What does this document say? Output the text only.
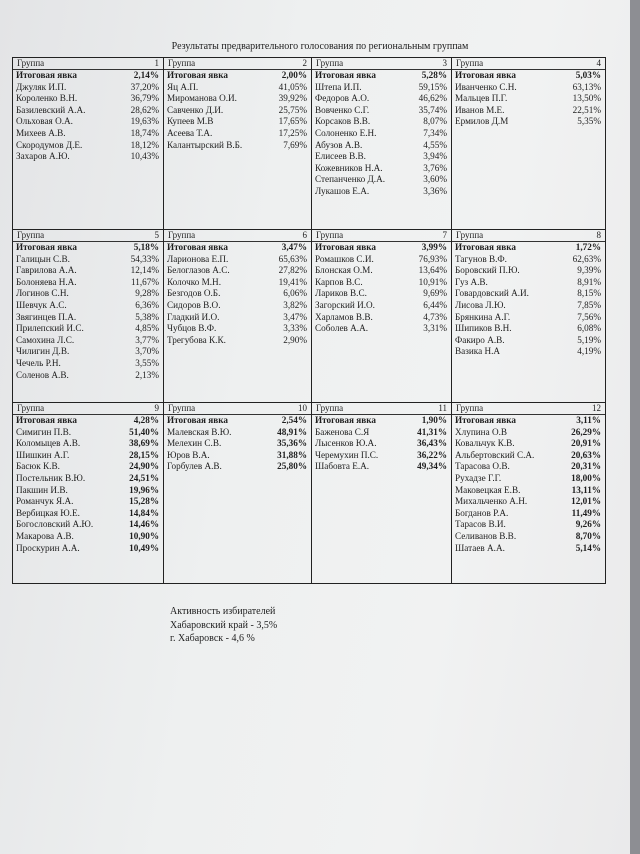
Результаты предварительного голосования по региональным группам
Группа	1
Итоговая явка	2,14%
Джуляк И.П.	37,20%
Короленко В.Н.	36,79%
Базилевский А.А.	28,62%
Ольховая О.А.	19,63%
Михеев А.В.	18,74%
Скородумов Д.Е.	18,12%
Захаров А.Ю.	10,43%
Группа	2
Итоговая явка	2,00%
Яц А.П.	41,05%
Миромaнова О.И.	39,92%
Савченко Д.И.	25,75%
Купеев М.В	17,65%
Асеева Т.А.	17,25%
Калантырский В.Б.	7,69%
Группа	3
Итоговая явка	5,28%
Штепа И.П.	59,15%
Федоров А.О.	46,62%
Вовченко С.Г.	35,74%
Корсаков В.В.	8,07%
Солоненко Е.Н.	7,34%
Абузов А.В.	4,55%
Елисеев В.В.	3,94%
Кожевников Н.А.	3,76%
Степанченко Д.А.	3,60%
Лукашов Е.А.	3,36%
Группа	4
Итоговая явка	5,03%
Иванченко С.Н.	63,13%
Мальцев П.Г.	13,50%
Иванов М.Е.	22,51%
Ермилов Д.М	5,35%
Группа	5
Итоговая явка	5,18%
Галицын С.В.	54,33%
Гаврилова А.А.	12,14%
Болоняева Н.А.	11,67%
Логинов С.Н.	9,28%
Шевчук А.С.	6,36%
Звягинцев П.А.	5,38%
Прилепский И.С.	4,85%
Самохина Л.С.	3,77%
Чилигин Д.В.	3,70%
Чечель Р.Н.	3,55%
Соленов А.В.	2,13%
Группа	6
Итоговая явка	3,47%
Ларионова Е.П.	65,63%
Белоглазов А.С.	27,82%
Колочко М.Н.	19,41%
Безгодов О.Б.	6,06%
Сидоров В.О.	3,82%
Гладкий И.О.	3,47%
Чубцов В.Ф.	3,33%
Трегубова К.К.	2,90%
Группа	7
Итоговая явка	3,99%
Ромашков С.И.	76,93%
Блонская О.М.	13,64%
Карпов В.С.	10,91%
Лариков В.С.	9,69%
Загорский И.О.	6,44%
Харламов В.В.	4,73%
Соболев А.А.	3,31%
Группа	8
Итоговая явка	1,72%
Тагунов В.Ф.	62,63%
Боровский П.Ю.	9,39%
Гуз А.В.	8,91%
Говардовский А.И.	8,15%
Лисова Л.Ю.	7,85%
Брянкина А.Г.	7,56%
Шипиков В.Н.	6,08%
Факиро А.В.	5,19%
Вазика Н.А	4,19%
Группа	9
Итоговая явка	4,28%
Симигин П.В.	51,40%
Коломыцев А.В.	38,69%
Шишкин А.Г.	28,15%
Басюк К.В.	24,90%
Постельник В.Ю.	24,51%
Пакшин И.В.	19,96%
Романчук Я.А.	15,28%
Вербицкая Ю.Е.	14,84%
Богословский А.Ю.	14,46%
Макарова А.В.	10,90%
Проскурин А.А.	10,49%
Группа	10
Итоговая явка	2,54%
Малевская В.Ю.	48,91%
Мелехин С.В.	35,36%
Юров В.А.	31,88%
Горбулев А.В.	25,80%
Группа	11
Итоговая явка	1,90%
Баженова С.Я	41,31%
Лысенков Ю.А.	36,43%
Черемухин П.С.	36,22%
Шабовта Е.А.	49,34%
Группа	12
Итоговая явка	3,11%
Хлупина О.В	26,29%
Ковальчук К.В.	20,91%
Альбертовский С.А.	20,63%
Тарасова О.В.	20,31%
Рухадзе Г.Г.	18,00%
Маковецкая Е.В.	13,11%
Михальченко А.Н.	12,01%
Богданов Р.А.	11,49%
Тарасов В.И.	9,26%
Селиванов В.В.	8,70%
Шатаев А.А.	5,14%
Активность избирателей
Хабаровский край - 3,5%
г. Хабаровск - 4,6 %
